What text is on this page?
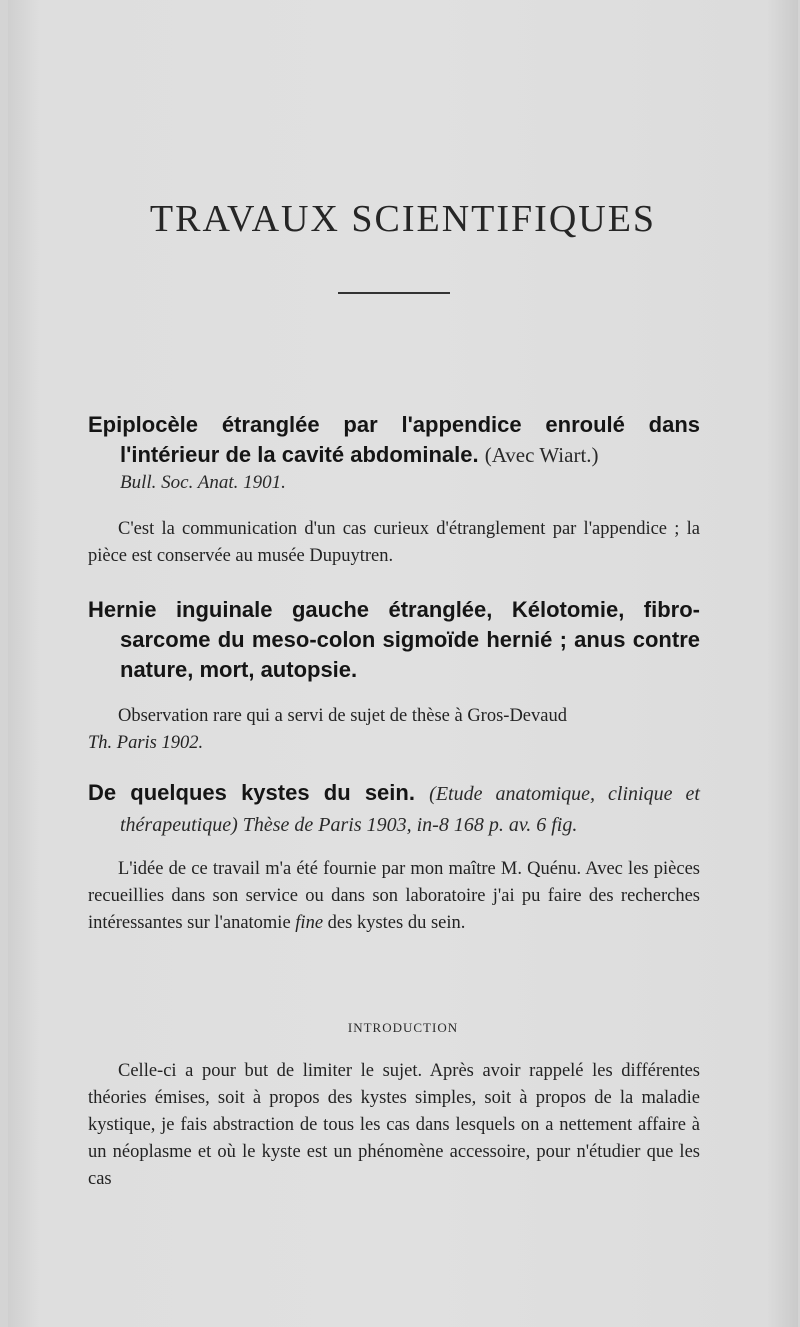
TRAVAUX SCIENTIFIQUES
Epiplocèle étranglée par l'appendice enroulé dans l'intérieur de la cavité abdominale. (Avec Wiart.)
Bull. Soc. Anat. 1901.

C'est la communication d'un cas curieux d'étranglement par l'appendice ; la pièce est conservée au musée Dupuytren.

Hernie inguinale gauche étranglée, Kélotomie, fibro-sarcome du meso-colon sigmoïde hernié ; anus contre nature, mort, autopsie.

Observation rare qui a servi de sujet de thèse à Gros-Devaud
Th. Paris 1902.

De quelques kystes du sein. (Etude anatomique, clinique et thérapeutique) Thèse de Paris 1903, in-8 168 p. av. 6 fig.

L'idée de ce travail m'a été fournie par mon maître M. Quénu. Avec les pièces recueillies dans son service ou dans son laboratoire j'ai pu faire des recherches intéressantes sur l'anatomie fine des kystes du sein.

INTRODUCTION

Celle-ci a pour but de limiter le sujet. Après avoir rappelé les différentes théories émises, soit à propos des kystes simples, soit à propos de la maladie kystique, je fais abstraction de tous les cas dans lesquels on a nettement affaire à un néoplasme et où le kyste est un phénomène accessoire, pour n'étudier que les cas
